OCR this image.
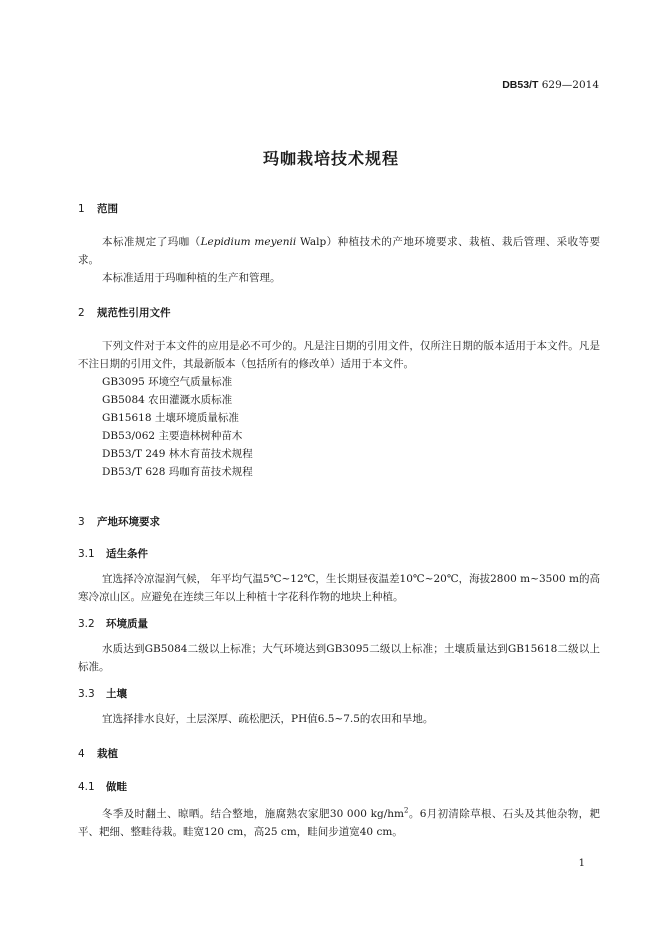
DB53/T 629—2014
玛咖栽培技术规程
1 范围

本标准规定了玛咖（Lepidium meyenii Walp）种植技术的产地环境要求、栽植、栽后管理、采收等要求。

本标准适用于玛咖种植的生产和管理。

2 规范性引用文件

下列文件对于本文件的应用是必不可少的。凡是注日期的引用文件，仅所注日期的版本适用于本文件。凡是不注日期的引用文件，其最新版本（包括所有的修改单）适用于本文件。

GB3095 环境空气质量标准
GB5084 农田灌溉水质标准
GB15618 土壤环境质量标准
DB53/062 主要造林树种苗木
DB53/T 249 林木育苗技术规程
DB53/T 628 玛咖育苗技术规程
3 产地环境要求
3.1 适生条件

宜选择冷凉湿润气候， 年平均气温5℃~12℃，生长期昼夜温差10℃~20℃，海拔2800 m~3500 m的高寒冷凉山区。应避免在连续三年以上种植十字花科作物的地块上种植。

3.2 环境质量

水质达到GB5084二级以上标准；大气环境达到GB3095二级以上标准；土壤质量达到GB15618二级以上标准。

3.3 土壤

宜选择排水良好，土层深厚、疏松肥沃，PH值6.5~7.5的农田和旱地。

4 栽植
4.1 做畦

冬季及时翻土、晾晒。结合整地，施腐熟农家肥30 000 $kg/hm^2$。6月初清除草根、石头及其他杂物，耙平、耙细、整畦待栽。畦宽120 cm，高25 cm，畦间步道宽40 cm。

1
